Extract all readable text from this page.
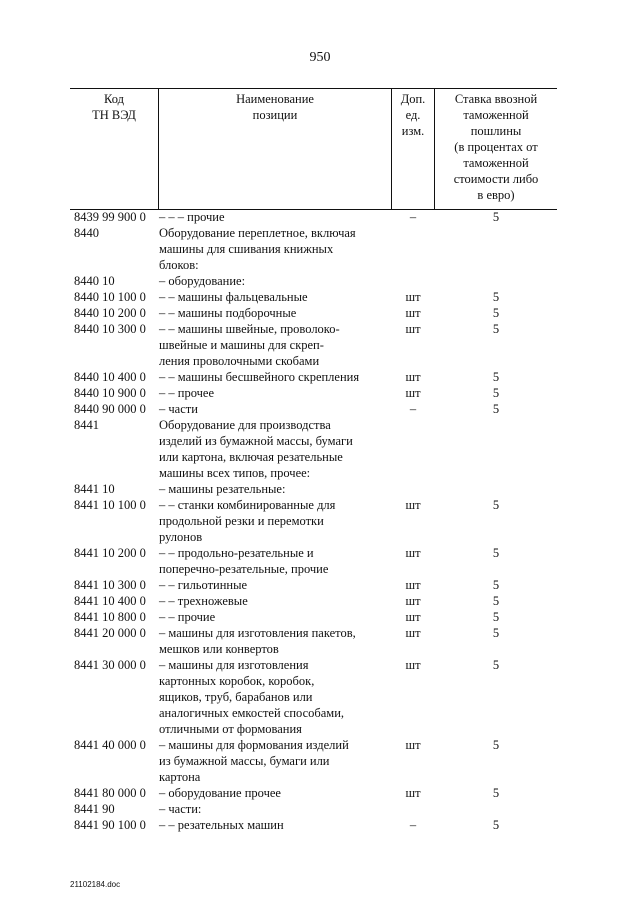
950
Код
ТН ВЭД
Наименование
позиции
Доп.
ед.
изм.
Ставка ввозной
таможенной
пошлины
(в процентах от
таможенной
стоимости либо
в евро)
8439 99 900 0	– – – прочие	–	5
8440	Оборудование переплетное, включая
машины для сшивания книжных
блоков:
8440 10	– оборудование:
8440 10 100 0	– – машины фальцевальные	шт	5
8440 10 200 0	– – машины подборочные	шт	5
8440 10 300 0	– – машины швейные, проволоко-
швейные и машины для скреп-
ления проволочными скобами
шт	5
8440 10 400 0	– – машины бесшвейного скрепления	шт	5
8440 10 900 0	– – прочее	шт	5
8440 90 000 0	– части	–	5
8441	Оборудование для производства
изделий из бумажной массы, бумаги
или картона, включая резательные
машины всех типов, прочее:
8441 10	– машины резательные:
8441 10 100 0	– – станки комбинированные для
продольной резки и перемотки
рулонов
шт	5
8441 10 200 0	– – продольно-резательные и
поперечно-резательные, прочие
шт	5
8441 10 300 0	– – гильотинные	шт	5
8441 10 400 0	– – трехножевые	шт	5
8441 10 800 0	– – прочие	шт	5
8441 20 000 0	– машины для изготовления пакетов,
мешков или конвертов
шт	5
8441 30 000 0	– машины для изготовления
картонных коробок, коробок,
ящиков, труб, барабанов или
аналогичных емкостей способами,
отличными от формования
шт	5
8441 40 000 0	– машины для формования изделий
из бумажной массы, бумаги или
картона
шт	5
8441 80 000 0	– оборудование прочее	шт	5
8441 90	– части:
8441 90 100 0	– – резательных машин	–	5
21102184.doc
